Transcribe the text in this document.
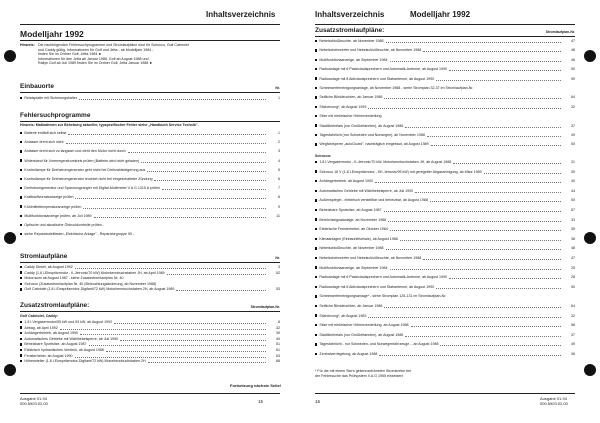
Inhaltsverzeichnis
Modelljahr 1992
Hinweis: Die nachfolgenden Fehlersuchprogramme und Stromlaufpläne sind für Scirocco, Golf Cabriolet
und Caddy gültig. Informationen für Golf und Jetta - ab Modelljahr 1984 -
finden Sie im Ordner Golf, Jetta 1984 ►
Informationen für den Jetta ab Januar 1988, Golf ab August 1988 und
Rallye Golf ab Juli 1989 finden Sie im Ordner Golf, Jetta Januar 1988 ►
Einbauorte	Nr.
Relaisplatte mit Sicherungshalter	1
Fehlersuchprogramme
Hinweis: Maßnahmen zur Behebung aktueller, typspezifischer Fehler siehe „Handbuch Service Technik".
Batterie entlädt sich selbst	1
Anlasser dreht sich nicht	2
Anlasser dreht sich zu langsam und zieht den Motor nicht durch	3
Widerstand für Vorerregerstromkreis prüfen (Batterie wird nicht geladen)	4
Kontrollampe für Drehstromgenerator geht nicht bei Drehzahlsteigerung aus	5
Kontrollampe für Drehstromgenerator leuchtet nicht bei eingeschalteter Zündung	6
Drehstromgenerator und Spannungsregler mit Digital-Multimeter V.A.G 1315 A prüfen	7
Kraftstoffvorratsanzeige prüfen	8
Kühlmitteltemperaturanzeige prüfen	9
Multifunktionsanzeige prüfen, ab Juli 1989	11
Optische und akustische Öldruckkontrolle prüfen -
siehe Reparaturleitfaden „Elektrische Anlage" - Reparaturgruppe 90 -
Stromlaufpläne	Nr.
Caddy Diesel, ab August 1992	3
Caddy (1,6 l-Einspritzmotor - K-Jetronic/70 kW) Motorkennbuchstaben JH, ab April 1989	52
Motorraum ab August 1987 - siehe Zusatzstromlaufplan Nr. 40
Scirocco (Zusatzstromlaufplan Nr. 40 (Beleuchtungsänderung, ab November 1988)
Golf Cabriolet (1,8 l-Einspritzmotor-Digifant/72 kW) Motorkennbuchstaben 2H, ab August 1989	53
Zusatzstromlaufpläne:	Stromlaufplan-Nr.
Golf Cabriolet, Caddy:
1,8 l-Vergasermotor/55 kW und 53 kW, ab August 1992	8
Airbag, ab April 1992	32
Anhängerbetrieb, ab August 1990	39
Automatisches Getriebe mit Wählhebelsperre, ab Juli 1990	40
Beheizbare Sportsitze, ab August 1987	51
Elektrisch hydraulisches Verdeck, ab August 1988	61
Fensterheber, ab August 1990	63
Höhensteller (1,8 l-Einspritzmotor-Digifant/72 kW) Motorkennbuchstaben 2H	68
Fortsetzung nächste Seite!
Ausgabe 01.94
000.5903.02.00	15
Inhaltsverzeichnis	Modelljahr 1992
Zusatzstromlaufpläne:	Stromlaufplan-Nr.
Nebelschlußleuchte, ab November 1988	47
Nebelscheinwerfer und Nebelschlußleuchte, ab November 1988	48
Multifunktionsanzeige, ab September 1984	46
Radioanlage mit 6 Passivlautsprechern und Automatik-Antenne, ab August 1990	50
Radioanlage mit 8 Aktivlautsprechern und Stabantenne, ab August 1990	59
Scheinwerferreinigungsanlage, ab November 1988 - siehe Stromplan 32-37 im Stromlaufplan-Nr.
Seitliche Blinkleuchten, ab Januar 1988	64
Sitzheizung*, ab August 1993	32
Sitze mit elektrischer Höhenverstellung
Stadtlichtrelais (nur Großbritannien), ab August 1986	37
Tagesfahrlicht (nur Schweden und Norwegen), ab November 1988	49
Wegfahrsperre „autoGuard", nachträglich eingebaut, ab August 1989	50
Scirocco:
1,8 l-Vergasermotor - K-Jetronic/70 kW, Motorkennbuchstaben JH, ab August 1988	31
Scirocco 16 V (1,8 l-Einspritzmotor - KE-Jetronic/95 kW) mit geregelter Abgasreinigung, ab März 1989	39
Anhängerbetrieb, ab August 1990	40
Automatisches Getriebe mit Wählhebelsperre, ab Juli 1990	44
Außenspiegel - elektrisch verstellbar und beheizbar, ab August 1988	50
Beheizbare Sportsitze, ab August 1987	57
Bereichssignalanlage, ab November 1988	33
Elektrische Fensterheber, ab Oktober 1984	35
Klimaanlagen (Einbauhilfsrelais), ab August 1988	38
Nebelschlußleuchte, ab November 1988	48
Nebelscheinwerfer und Nebelschlußleuchte, ab November 1988	47
Multifunktionsanzeige, ab September 1984	25
Radioanlage mit 6 Passivlautsprechern und Automatik-Antenne, ab August 1990	28
Radioanlage mit 6 Aktivlautsprechern und Stabantenne, ab August 1990	50
Scheinwerferreinigungsanlage* - siehe Stromplan 125-131 im Stromlaufplan-Nr.
Seitliche Blinkleuchten, ab Januar 1988	64
Sitzheizung*, ab August 1983	32
Sitze mit elektrischer Höhenverstellung, ab August 1988	58
Stadtlichtrelais (nur Großbritannien), ab August 1986	37
Tagesfahrlicht - nur Schweden- und Norwegenfahrzeuge -, ab August 1988	49
Zentralverriegelung, ab August 1988	36
* Für die mit einem Stern gekennzeichneten Stromkreise bei
der Fehlersuche das Prüfsystem V.A.G 1955 einsetzen!
16
Ausgabe 01.94
000.5903.02.00
